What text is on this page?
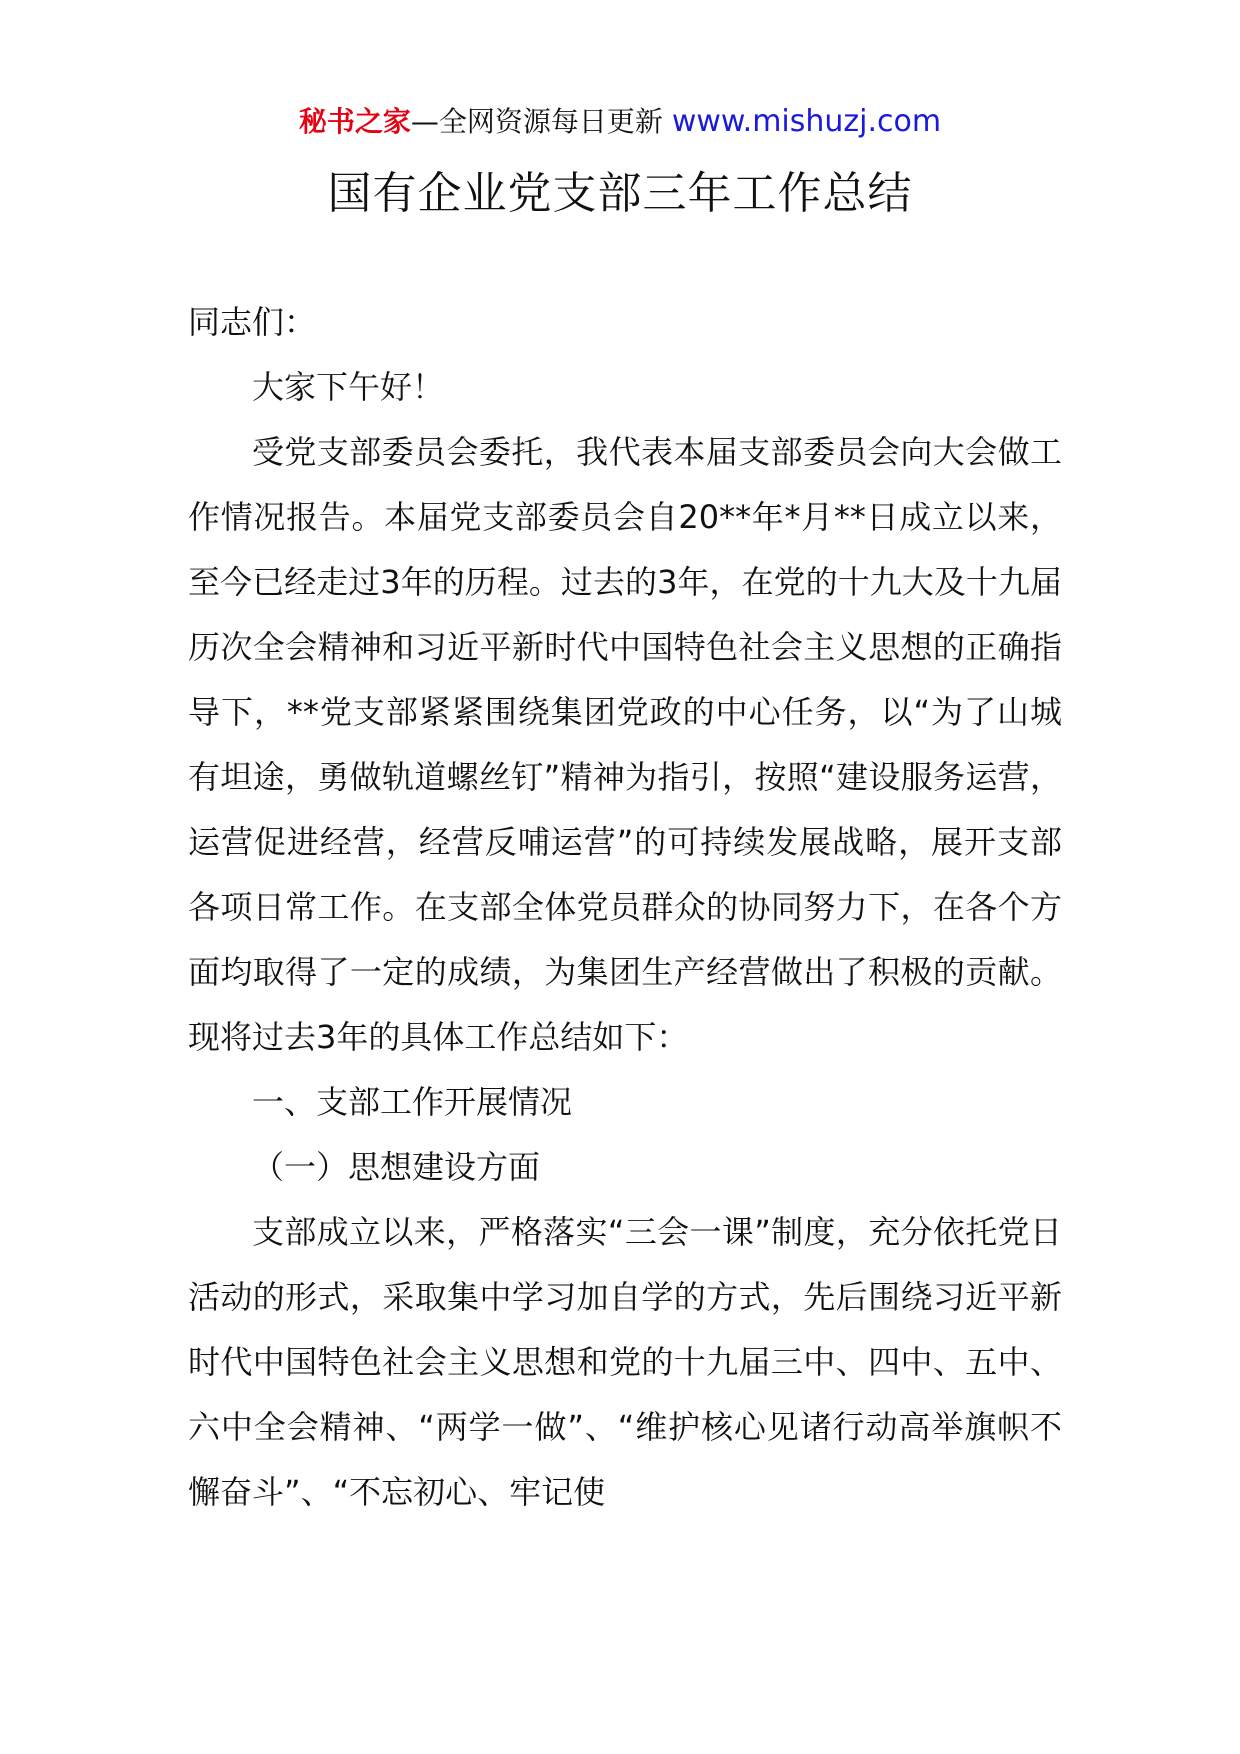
秘书之家—全网资源每日更新 www.mishuzj.com
国有企业党支部三年工作总结

同志们：

大家下午好！

受党支部委员会委托，我代表本届支部委员会向大会做工作情况报告。本届党支部委员会自20**年*月**日成立以来，至今已经走过3年的历程。过去的3年，在党的十九大及十九届历次全会精神和习近平新时代中国特色社会主义思想的正确指导下，**党支部紧紧围绕集团党政的中心任务，以“为了山城有坦途，勇做轨道螺丝钉”精神为指引，按照“建设服务运营，运营促进经营，经营反哺运营”的可持续发展战略，展开支部各项日常工作。在支部全体党员群众的协同努力下，在各个方面均取得了一定的成绩，为集团生产经营做出了积极的贡献。现将过去3年的具体工作总结如下：

一、支部工作开展情况

（一）思想建设方面

支部成立以来，严格落实“三会一课”制度，充分依托党日活动的形式，采取集中学习加自学的方式，先后围绕习近平新时代中国特色社会主义思想和党的十九届三中、四中、五中、六中全会精神、“两学一做”、“维护核心见诸行动高举旗帜不懈奋斗”、“不忘初心、牢记使
